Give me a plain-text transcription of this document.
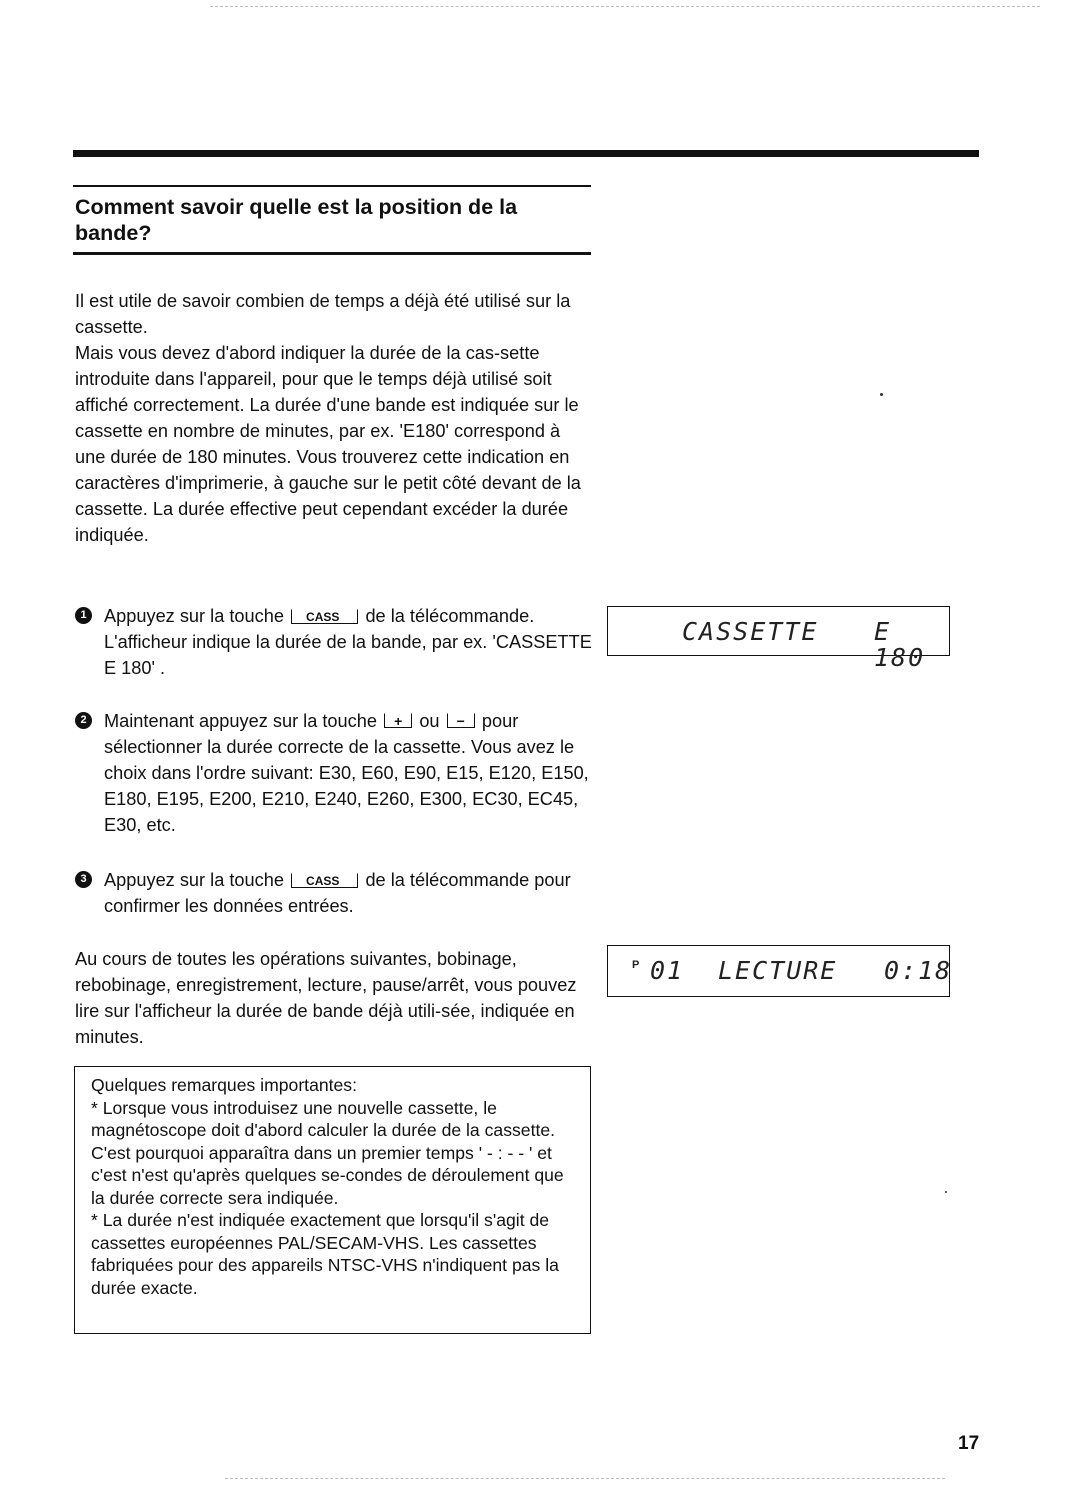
Comment savoir quelle est la position de la bande?

Il est utile de savoir combien de temps a déjà été utilisé sur la cassette.

Mais vous devez d'abord indiquer la durée de la cas-sette introduite dans l'appareil, pour que le temps déjà utilisé soit affiché correctement. La durée d'une bande est indiquée sur le cassette en nombre de minutes, par ex. 'E180' correspond à une durée de 180 minutes. Vous trouverez cette indication en caractères d'imprimerie, à gauche sur le petit côté devant de la cassette. La durée effective peut cependant excéder la durée indiquée.

1 Appuyez sur la touche CASS de la télécommande. L'afficheur indique la durée de la bande, par ex. 'CASSETTE E 180' .
2 Maintenant appuyez sur la touche + ou − pour sélectionner la durée correcte de la cassette. Vous avez le choix dans l'ordre suivant: E30, E60, E90, E15, E120, E150, E180, E195, E200, E210, E240, E260, E300, EC30, EC45, E30, etc.
3 Appuyez sur la touche CASS de la télécommande pour confirmer les données entrées.

Au cours de toutes les opérations suivantes, bobinage, rebobinage, enregistrement, lecture, pause/arrêt, vous pouvez lire sur l'afficheur la durée de bande déjà utili-sée, indiquée en minutes.

Quelques remarques importantes:

* Lorsque vous introduisez une nouvelle cassette, le magnétoscope doit d'abord calculer la durée de la cassette. C'est pourquoi apparaîtra dans un premier temps ' - : - - ' et c'est n'est qu'après quelques se-condes de déroulement que la durée correcte sera indiquée.

* La durée n'est indiquée exactement que lorsqu'il s'agit de cassettes européennes PAL/SECAM-VHS. Les cassettes fabriquées pour des appareils NTSC-VHS n'indiquent pas la durée exacte.

CASSETTE E 180
P 01 LECTURE 0:18
17
